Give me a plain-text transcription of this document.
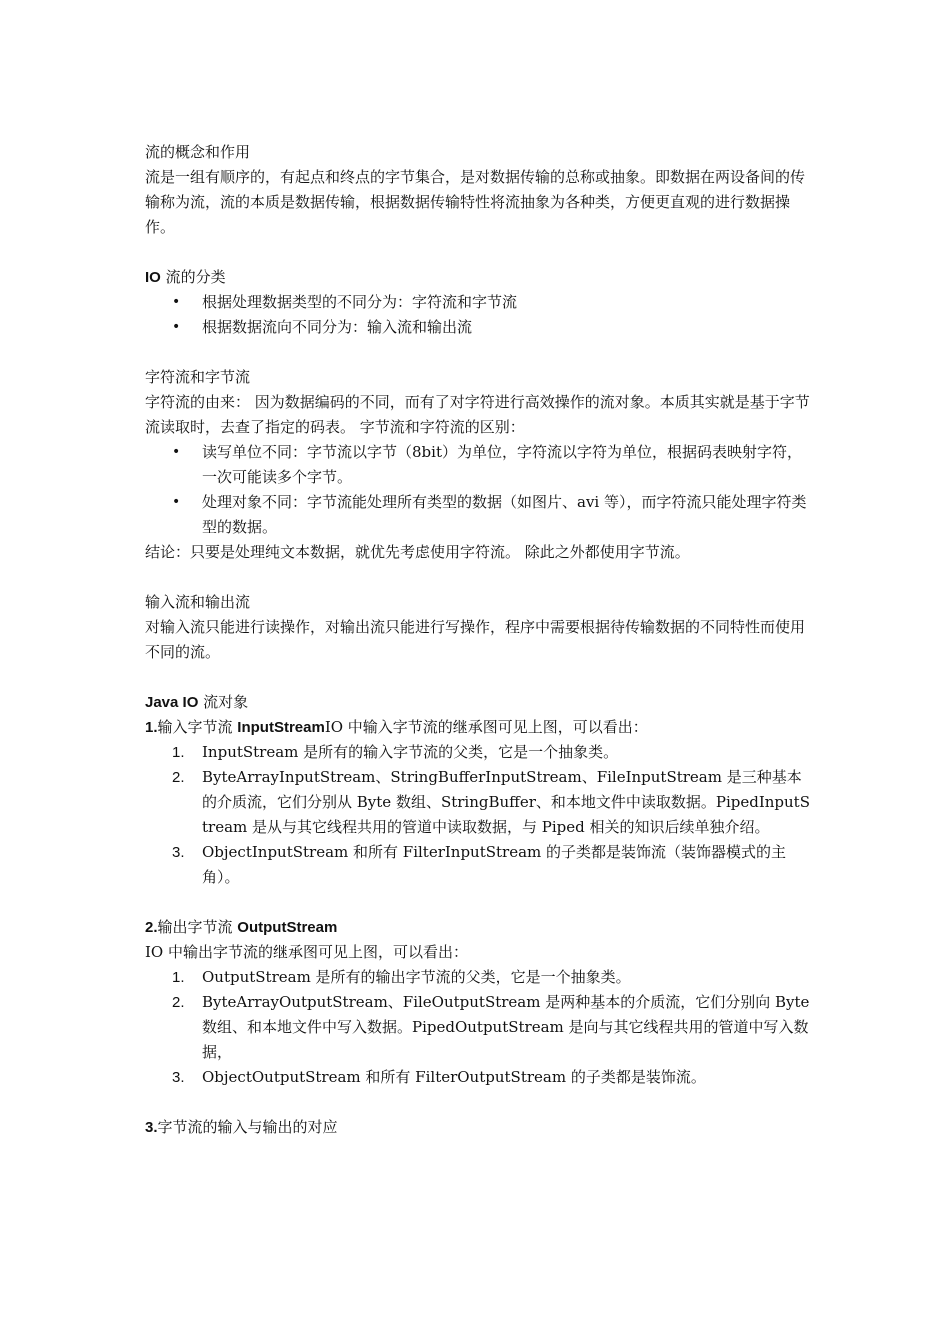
流的概念和作用
流是一组有顺序的，有起点和终点的字节集合，是对数据传输的总称或抽象。即数据在两设备间的传输称为流，流的本质是数据传输，根据数据传输特性将流抽象为各种类，方便更直观的进行数据操作。
IO 流的分类
• 根据处理数据类型的不同分为：字符流和字节流
• 根据数据流向不同分为：输入流和输出流
字符流和字节流
字符流的由来： 因为数据编码的不同，而有了对字符进行高效操作的流对象。本质其实就是基于字节流读取时，去查了指定的码表。 字节流和字符流的区别：
• 读写单位不同：字节流以字节（8bit）为单位，字符流以字符为单位，根据码表映射字符，一次可能读多个字节。
• 处理对象不同：字节流能处理所有类型的数据（如图片、avi 等），而字符流只能处理字符类型的数据。
结论：只要是处理纯文本数据，就优先考虑使用字符流。 除此之外都使用字节流。
输入流和输出流
对输入流只能进行读操作，对输出流只能进行写操作，程序中需要根据待传输数据的不同特性而使用不同的流。
Java IO 流对象
1.输入字节流 InputStreamIO 中输入字节流的继承图可见上图，可以看出：
1. InputStream 是所有的输入字节流的父类，它是一个抽象类。
2. ByteArrayInputStream、StringBufferInputStream、FileInputStream 是三种基本的介质流，它们分别从 Byte 数组、StringBuffer、和本地文件中读取数据。PipedInputStream 是从与其它线程共用的管道中读取数据，与 Piped 相关的知识后续单独介绍。
3. ObjectInputStream 和所有 FilterInputStream 的子类都是装饰流（装饰器模式的主角）。
2.输出字节流 OutputStream
IO 中输出字节流的继承图可见上图，可以看出：
1. OutputStream 是所有的输出字节流的父类，它是一个抽象类。
2. ByteArrayOutputStream、FileOutputStream 是两种基本的介质流，它们分别向 Byte 数组、和本地文件中写入数据。PipedOutputStream 是向与其它线程共用的管道中写入数据，
3. ObjectOutputStream 和所有 FilterOutputStream 的子类都是装饰流。
3.字节流的输入与输出的对应
